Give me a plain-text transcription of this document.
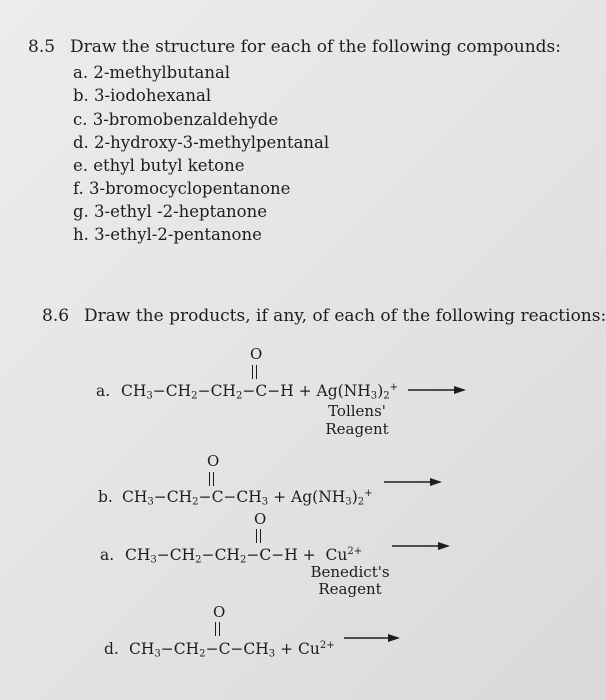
8.5 Draw the structure for each of the following compounds:
a. 2-methylbutanal
b. 3-iodohexanal
c. 3-bromobenzaldehyde
d. 2-hydroxy-3-methylpentanal
e. ethyl butyl ketone
f. 3-bromocyclopentanone
g. 3-ethyl -2-heptanone
h. 3-ethyl-2-pentanone
8.6 Draw the products, if any, of each of the following reactions:
O
a. $CH_3-CH_2-CH_2-C-H + Ag(NH_3)_2^+$ →
Tollens'
Reagent
O
b. $CH_3-CH_2-C-CH_3 + Ag(NH_3)_2^+$
O
a. $CH_3-CH_2-CH_2-C-H + Cu^{2+}$
Benedict's
Reagent
O
d. $CH_3-CH_2-C-CH_3 + Cu^{2+}$
